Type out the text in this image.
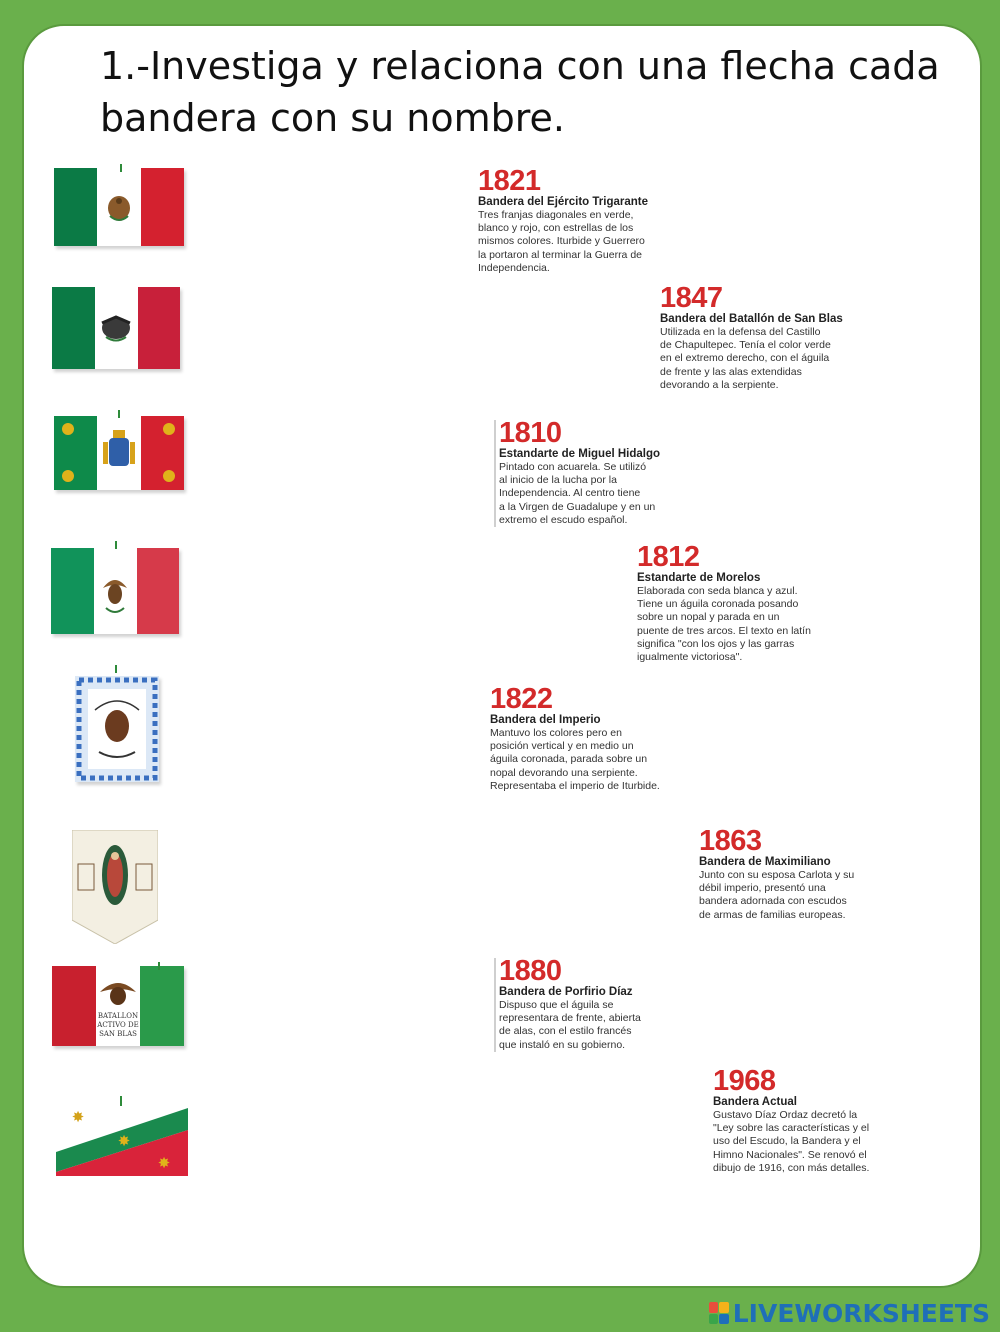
1.-Investiga y relaciona con una flecha cada
bandera con su nombre.
BATALLON
ACTIVO DE
SAN BLAS
✸
✸
✸
1821
Bandera del Ejército Trigarante
Tres franjas diagonales en verde,
blanco y rojo, con estrellas de los
mismos colores. Iturbide y Guerrero
la portaron al terminar la Guerra de
Independencia.
1847
Bandera del Batallón de San Blas
Utilizada en la defensa del Castillo
de Chapultepec. Tenía el color verde
en el extremo derecho, con el águila
de frente y las alas extendidas
devorando a la serpiente.
1810
Estandarte de Miguel Hidalgo
Pintado con acuarela. Se utilizó
al inicio de la lucha por la
Independencia. Al centro tiene
a la Virgen de Guadalupe y en un
extremo el escudo español.
1812
Estandarte de Morelos
Elaborada con seda blanca y azul.
Tiene un águila coronada posando
sobre un nopal y parada en un
puente de tres arcos. El texto en latín
significa "con los ojos y las garras
igualmente victoriosa".
1822
Bandera del Imperio
Mantuvo los colores pero en
posición vertical y en medio un
águila coronada, parada sobre un
nopal devorando una serpiente.
Representaba el imperio de Iturbide.
1863
Bandera de Maximiliano
Junto con su esposa Carlota y su
débil imperio, presentó una
bandera adornada con escudos
de armas de familias europeas.
1880
Bandera de Porfirio Díaz
Dispuso que el águila se
representara de frente, abierta
de alas, con el estilo francés
que instaló en su gobierno.
1968
Bandera Actual
Gustavo Díaz Ordaz decretó la
"Ley sobre las características y el
uso del Escudo, la Bandera y el
Himno Nacionales". Se renovó el
dibujo de 1916, con más detalles.
LIVEWORKSHEETS
